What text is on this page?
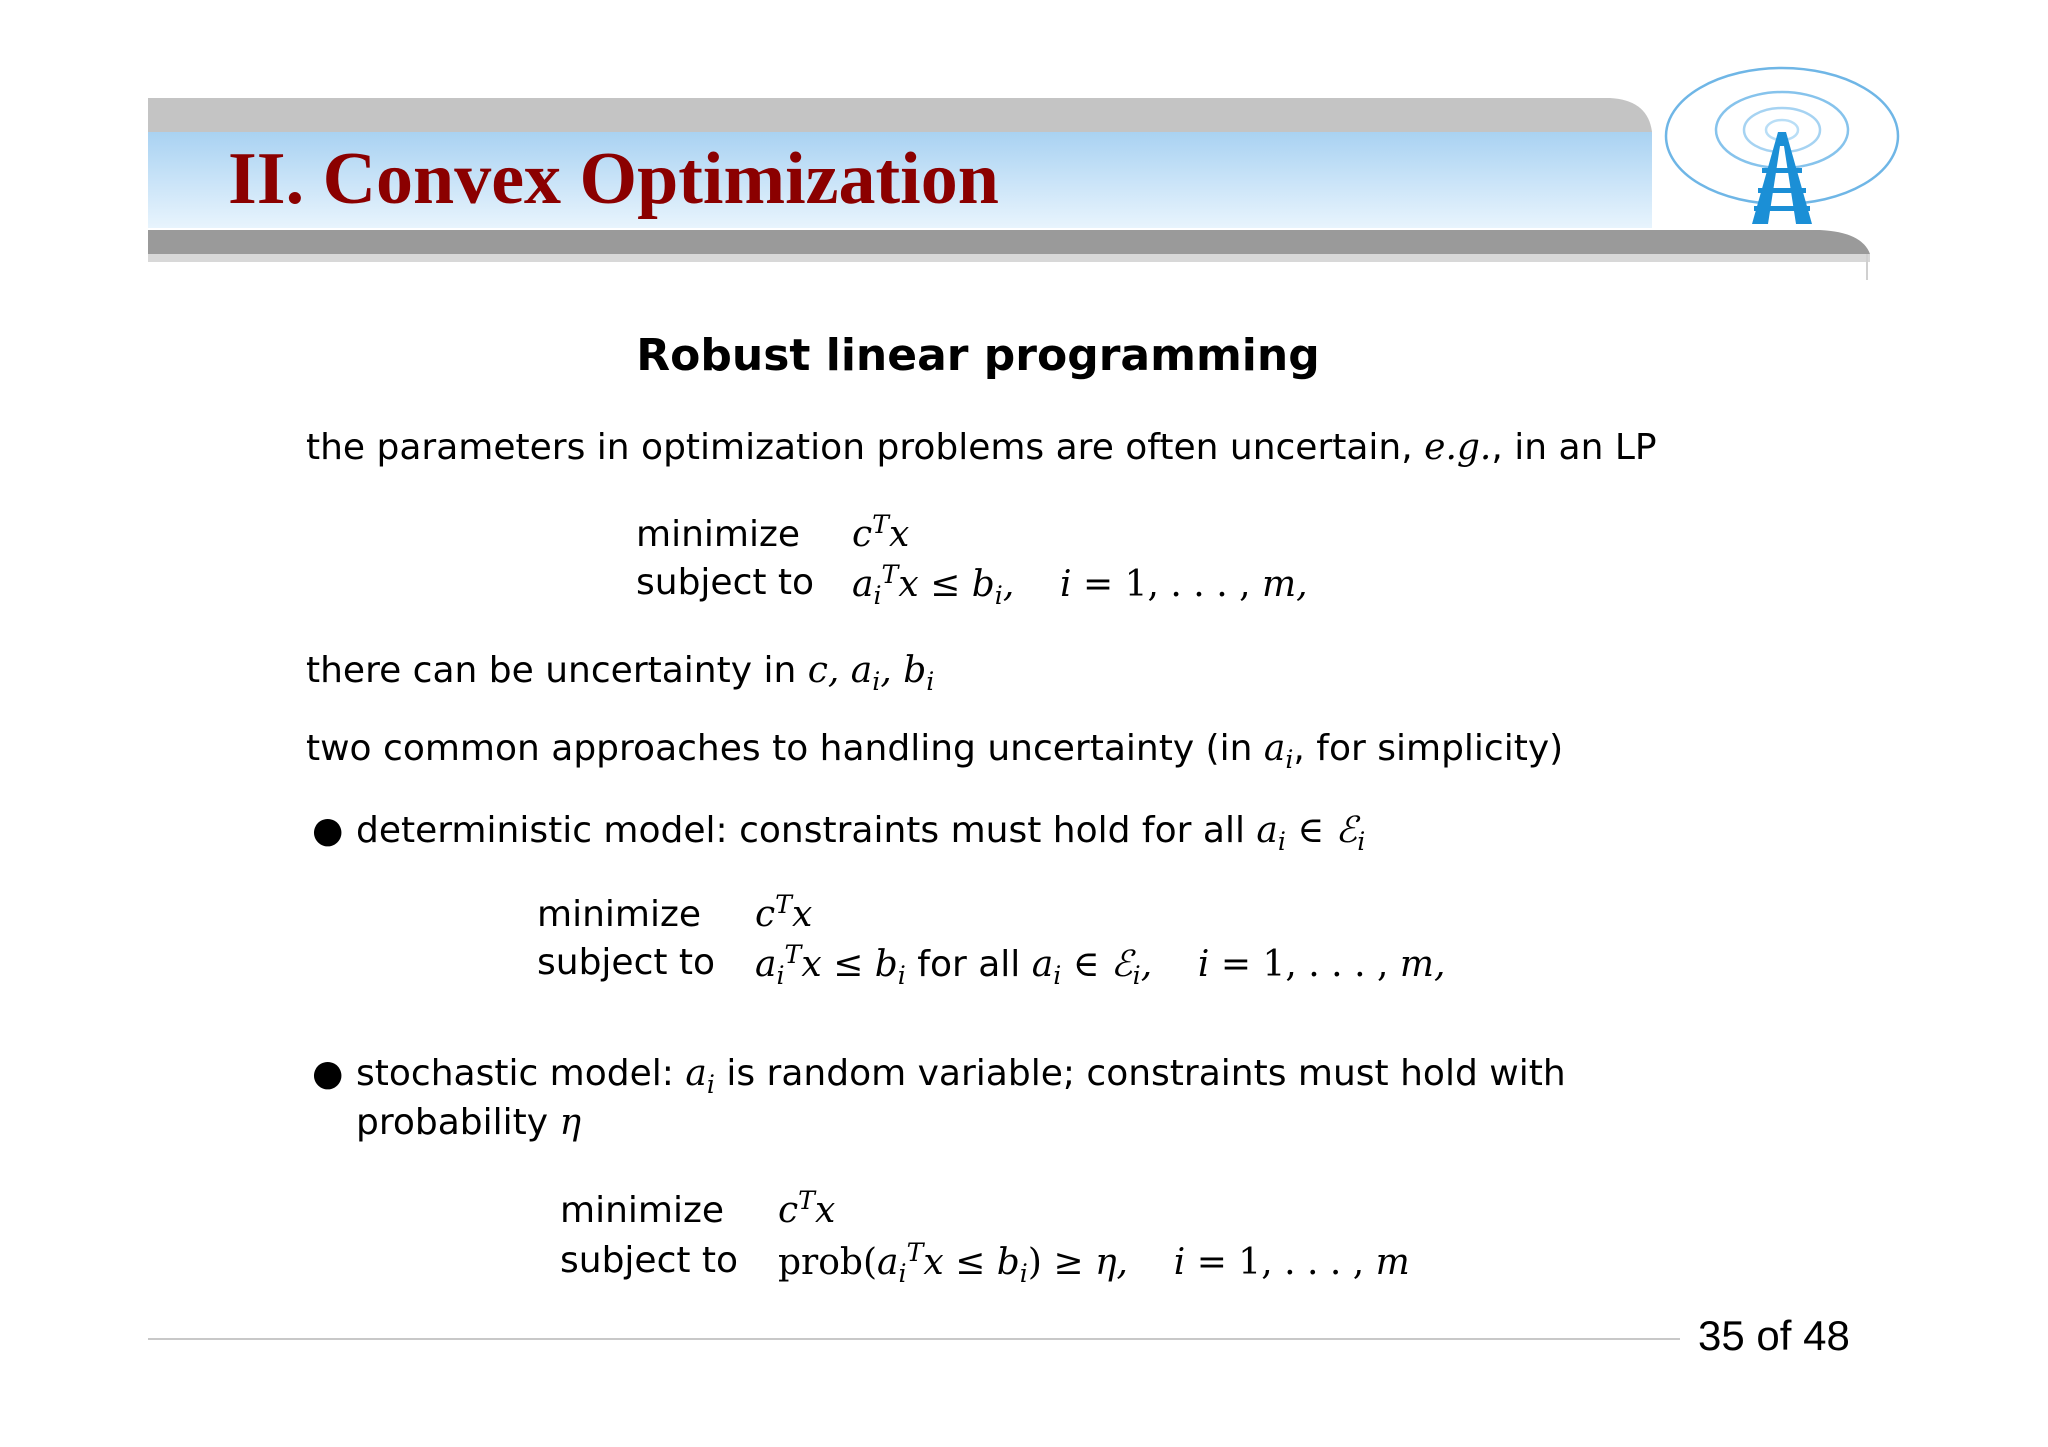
II. Convex Optimization
Robust linear programming
the parameters in optimization problems are often uncertain, e.g., in an LP
minimize $c^Tx$
subject to $a_i^Tx \le b_i$,    i = 1, . . . , m,
there can be uncertainty in c, $a_i$, $b_i$
two common approaches to handling uncertainty (in $a_i$, for simplicity)
● deterministic model: constraints must hold for all $a_i$ ∈ ℰ$_i$
minimize $c^Tx$
subject to $a_i^Tx \le b_i$ for all $a_i$ ∈ ℰ$_i$,    i = 1, . . . , m,
● stochastic model: $a_i$ is random variable; constraints must hold with
probability η
minimize $c^Tx$
subject to $prob(a_i^Tx \le b_i) \ge \eta$,    i = 1, . . . , m
35 of 48
